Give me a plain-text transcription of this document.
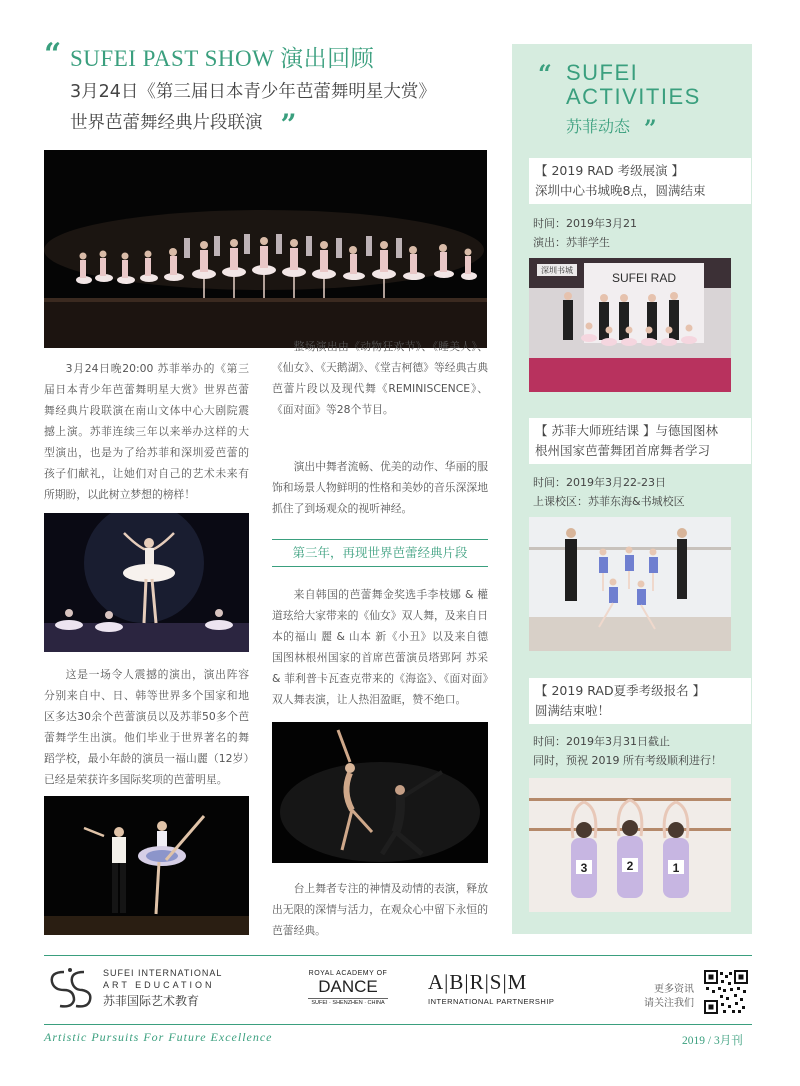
“ SUFEI PAST SHOW 演出回顾
3月24日《第三届日本青少年芭蕾舞明星大赏》
世界芭蕾舞经典片段联演 ”
3月24日晚20:00 苏菲举办的《第三届日本青少年芭蕾舞明星大赏》世界芭蕾舞经典片段联演在南山文体中心大剧院震撼上演。苏菲连续三年以来举办这样的大型演出，也是为了给苏菲和深圳爱芭蕾的孩子们献礼，让她们对自己的艺术未来有所期盼，以此树立梦想的榜样！
这是一场令人震撼的演出，演出阵容分别来自中、日、韩等世界多个国家和地区多达30余个芭蕾演员以及苏菲50多个芭蕾舞学生出演。他们毕业于世界著名的舞蹈学校，最小年龄的演员一福山麗（12岁）已经是荣获许多国际奖项的芭蕾明星。
整场演出由《动物狂欢节》、《睡美人》、《仙女》、《天鹅湖》、《堂吉柯德》等经典古典芭蕾片段以及现代舞《REMINISCENCE》、《面对面》等28个节目。
演出中舞者流畅、优美的动作、华丽的服饰和场景人物鲜明的性格和美妙的音乐深深地抓住了到场观众的视听神经。
第三年，再现世界芭蕾经典片段
来自韩国的芭蕾舞金奖选手李枝娜 & 權道玹给大家带来的《仙女》双人舞，及来自日本的福山 麗 & 山本 新《小丑》以及来自德国图林根州国家的首席芭蕾演员塔郢阿 苏采 & 菲利普卡瓦查克带来的《海盗》、《面对面》双人舞表演，让人热泪盈眶，赞不绝口。
台上舞者专注的神情及动情的表演，释放出无限的深情与活力，在观众心中留下永恒的芭蕾经典。
“ SUFEI
ACTIVITIES
苏菲动态 ”
【 2019 RAD 考级展演 】
深圳中心书城晚8点，圆满结束
时间：2019年3月21
演出：苏菲学生
SUFEI RAD
深圳书城
【 苏菲大师班结课 】与德国图林
根州国家芭蕾舞团首席舞者学习
时间：2019年3月22-23日
上课校区：苏菲东海&书城校区
【 2019 RAD夏季考级报名 】
圆满结束啦！
时间：2019年3月31日截止
同时，预祝 2019 所有考级顺利进行！
3	2	1
SUFEI INTERNATIONAL
ART EDUCATION
苏菲国际艺术教育
ROYAL ACADEMY OF
DANCE
SUFEI · SHENZHEN · CHINA
A|B|R|S|M
INTERNATIONAL PARTNERSHIP
更多资讯
请关注我们
Artistic Pursuits For Future Excellence	2019 / 3月刊
